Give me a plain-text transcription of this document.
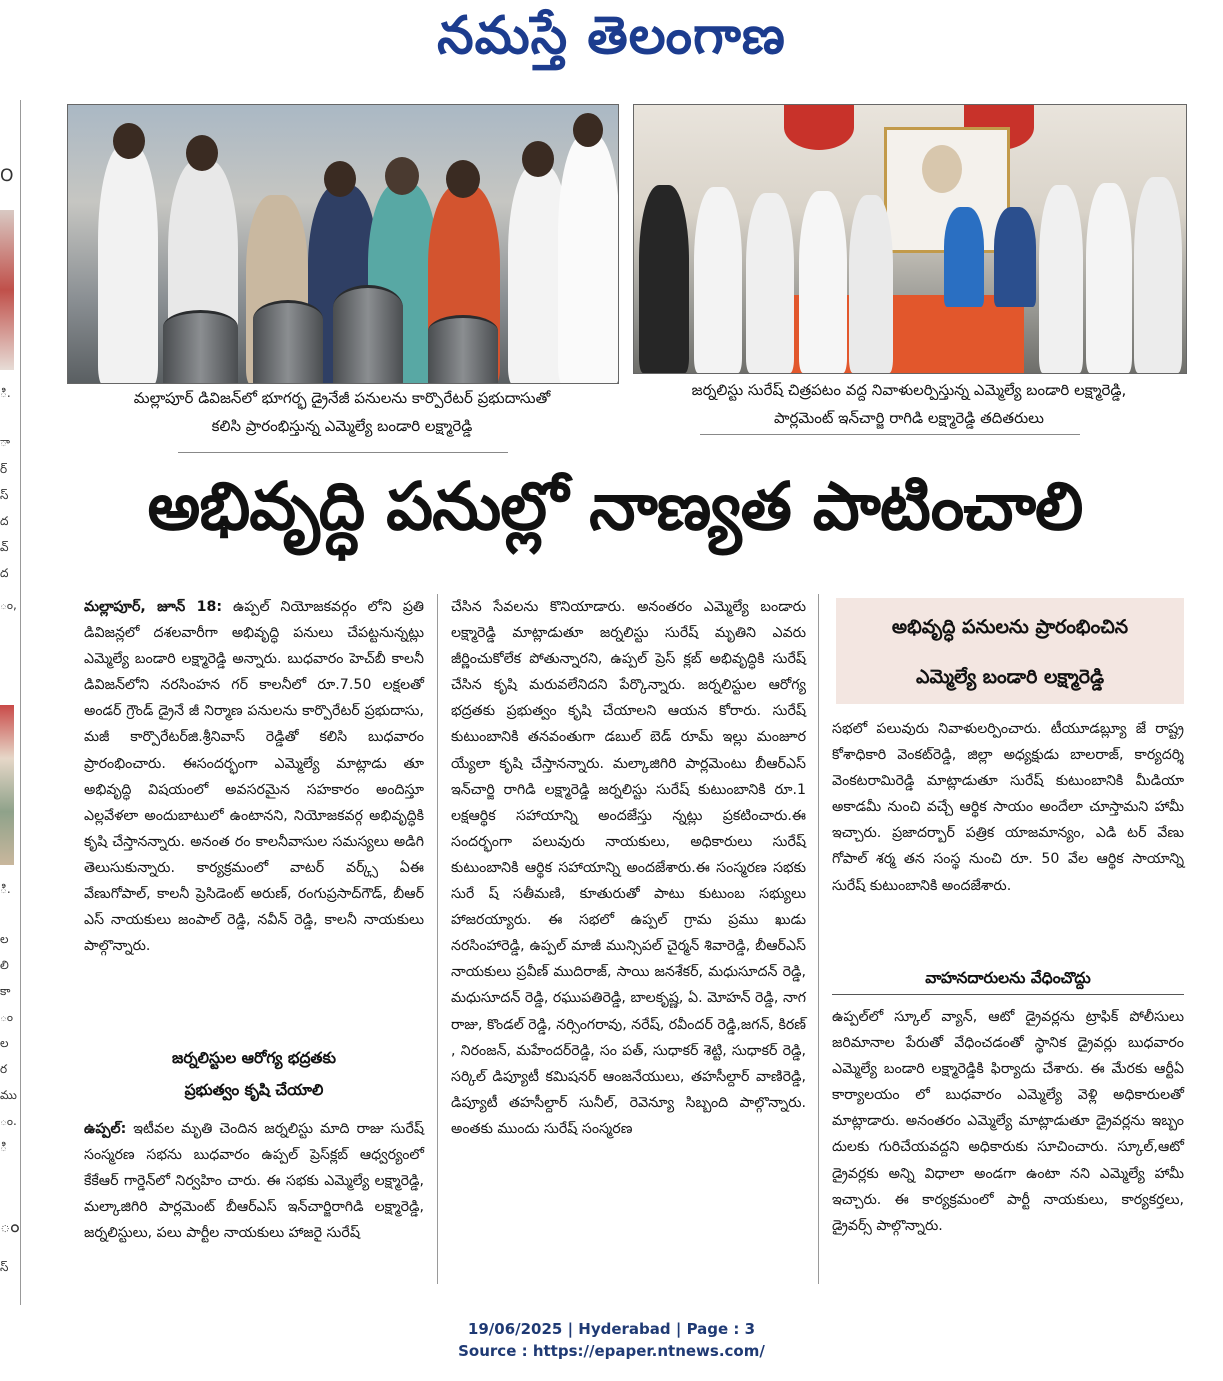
నమస్తే తెలంగాణ
౦
ి.
ా
ర్
స్
ద
వ్
ద
ం,
ి.
ల
లి
కా
ం
ల
ర
ము
ం.
ి
ం
స్
మల్లాపూర్ డివిజన్‌లో భూగర్భ డ్రైనేజీ పనులను కార్పొరేటర్ ప్రభుదాసుతో
కలిసి ప్రారంభిస్తున్న ఎమ్మెల్యే బండారి లక్ష్మారెడ్డి
జర్నలిస్టు సురేష్ చిత్రపటం వద్ద నివాళులర్పిస్తున్న ఎమ్మెల్యే బండారి లక్ష్మారెడ్డి,
పార్లమెంట్ ఇన్‌చార్జి రాగిడి లక్ష్మారెడ్డి తదితరులు
అభివృద్ధి పనుల్లో నాణ్యత పాటించాలి

మల్లాపూర్, జూన్ 18: ఉప్పల్ నియోజకవర్గం లోని ప్రతి డివిజన్లలో దశలవారీగా అభివృద్ధి పనులు చేపట్టనున్నట్లు ఎమ్మెల్యే బండారి లక్ష్మారెడ్డి అన్నారు. బుధవారం హెచ్‌బీ కాలనీ డివిజన్‌లోని నరసింహన గర్ కాలనీలో రూ.7.50 లక్షలతో అండర్ గ్రౌండ్ డ్రైనే జీ నిర్మాణ పనులను కార్పొరేటర్ ప్రభుదాసు, మజీ కార్పొరేటర్‌జి.శ్రీనివాస్ రెడ్డితో కలిసి బుధవారం ప్రారంభించారు. ఈసందర్భంగా ఎమ్మెల్యే మాట్లాడు తూ అభివృద్ధి విషయంలో అవసరమైన సహకారం అందిస్తూ ఎల్లవేళలా అందుబాటులో ఉంటానని, నియోజకవర్గ అభివృద్ధికి కృషి చేస్తానన్నారు. అనంత రం కాలనీవాసుల సమస్యలు అడిగి తెలుసుకున్నారు. కార్యక్రమంలో వాటర్ వర్క్స్ ఏఈ వేణుగోపాల్, కాలనీ ప్రెసిడెంట్ అరుణ్, రంగుప్రసాద్‌గౌడ్, బీఆర్ ఎస్ నాయకులు జంపాల్ రెడ్డి, నవీన్ రెడ్డి, కాలనీ నాయకులు పాల్గొన్నారు.

జర్నలిస్టుల ఆరోగ్య భద్రతకు
ప్రభుత్వం కృషి చేయాలి

ఉప్పల్: ఇటీవల మృతి చెందిన జర్నలిస్టు మాది రాజు సురేష్ సంస్మరణ సభను బుధవారం ఉప్పల్ ప్రెస్‌క్లబ్ ఆధ్వర్యంలో కేకేఆర్ గార్డెన్‌లో నిర్వహిం చారు. ఈ సభకు ఎమ్మెల్యే లక్ష్మారెడ్డి, మల్కాజిగిరి పార్లమెంట్ బీఆర్‌ఎస్ ఇన్‌చార్జిరాగిడి లక్ష్మారెడ్డి, జర్నలిస్టులు, పలు పార్టీల నాయకులు హాజరై సురేష్

చేసిన సేవలను కొనియాడారు. అనంతరం ఎమ్మెల్యే బండారు లక్ష్మారెడ్డి మాట్లాడుతూ జర్నలిస్టు సురేష్ మృతిని ఎవరు జీర్ణించుకోలేక పోతున్నారని, ఉప్పల్ ప్రెస్ క్లబ్ అభివృద్ధికి సురేష్ చేసిన కృషి మరువలేనిదని పేర్కొన్నారు. జర్నలిస్టుల ఆరోగ్య భద్రతకు ప్రభుత్వం కృషి చేయాలని ఆయన కోరారు. సురేష్ కుటుంబానికి తనవంతుగా డబుల్ బెడ్ రూమ్ ఇల్లు మంజూర య్యేలా కృషి చేస్తానన్నారు. మల్కాజిగిరి పార్లమెంటు బీఆర్‌ఎస్ ఇన్‌చార్జి రాగిడి లక్ష్మారెడ్డి జర్నలిస్టు సురేష్ కుటుంబానికి రూ.1 లక్షఆర్థిక సహాయాన్ని అందజేస్తు న్నట్లు ప్రకటించారు.ఈ సందర్భంగా పలువురు నాయకులు, అధికారులు సురేష్ కుటుంబానికి ఆర్థిక సహాయాన్ని అందజేశారు.ఈ సంస్మరణ సభకు సురే ష్ సతీమణి, కూతురుతో పాటు కుటుంబ సభ్యులు హాజరయ్యారు. ఈ సభలో ఉప్పల్ గ్రామ ప్రము ఖుడు నరసింహారెడ్డి, ఉప్పల్ మాజీ మున్సిపల్ చైర్మన్ శివారెడ్డి, బీఆర్‌ఎస్ నాయకులు ప్రవీణ్ ముదిరాజ్, సాయి జనశేకర్, మధుసూదన్ రెడ్డి, మధుసూదన్ రెడ్డి, రఘుపతిరెడ్డి, బాలకృష్ణ, ఏ. మోహన్ రెడ్డి, నాగ రాజు, కొండల్ రెడ్డి, నర్సింగరావు, నరేష్, రవీందర్ రెడ్డి,జగన్, కిరణ్ , నిరంజన్, మహేందర్‌రెడ్డి, సం పత్, సుధాకర్ శెట్టి, సుధాకర్ రెడ్డి, సర్కిల్ డిప్యూటీ కమిషనర్ ఆంజనేయులు, తహసీల్దార్ వాణిరెడ్డి, డిప్యూటీ తహసీల్దార్ సునీల్, రెవెన్యూ సిబ్బంది పాల్గొన్నారు. అంతకు ముందు సురేష్ సంస్మరణ

అభివృద్ధి పనులను ప్రారంభించిన
ఎమ్మెల్యే బండారి లక్ష్మారెడ్డి

సభలో పలువురు నివాళులర్పించారు. టీయూడబ్ల్యూ జే రాష్ట్ర కోశాధికారి వెంకట్‌రెడ్డి, జిల్లా అధ్యక్షుడు బాలరాజ్, కార్యదర్శి వెంకటరామిరెడ్డి మాట్లాడుతూ సురేష్ కుటుంబానికి మీడియా అకాడమీ నుంచి వచ్చే ఆర్థిక సాయం అందేలా చూస్తామని హామీ ఇచ్చారు. ప్రజాదర్బార్ పత్రిక యాజమాన్యం, ఎడి టర్ వేణు గోపాల్ శర్మ తన సంస్థ నుంచి రూ. 50 వేల ఆర్థిక సాయాన్ని సురేష్ కుటుంబానికి అందజేశారు.

వాహనదారులను వేధించొద్దు

ఉప్పల్‌లో స్కూల్ వ్యాన్, ఆటో డ్రైవర్లను ట్రాఫిక్ పోలీసులు జరిమానాల పేరుతో వేధించడంతో స్థానిక డ్రైవర్లు బుధవారం ఎమ్మెల్యే బండారి లక్ష్మారెడ్డికి ఫిర్యాదు చేశారు. ఈ మేరకు ఆర్టీఏ కార్యాలయం లో బుధవారం ఎమ్మెల్యే వెళ్లి అధికారులతో మాట్లాడారు. అనంతరం ఎమ్మెల్యే మాట్లాడుతూ డ్రైవర్లను ఇబ్బం దులకు గురిచేయవద్దని అధికారుకు సూచించారు. స్కూల్,ఆటో డ్రైవర్లకు అన్ని విధాలా అండగా ఉంటా నని ఎమ్మెల్యే హామీ ఇచ్చారు. ఈ కార్యక్రమంలో పార్టీ నాయకులు, కార్యకర్తలు, డ్రైవర్స్ పాల్గొన్నారు.

19/06/2025 | Hyderabad | Page : 3
Source : https://epaper.ntnews.com/
